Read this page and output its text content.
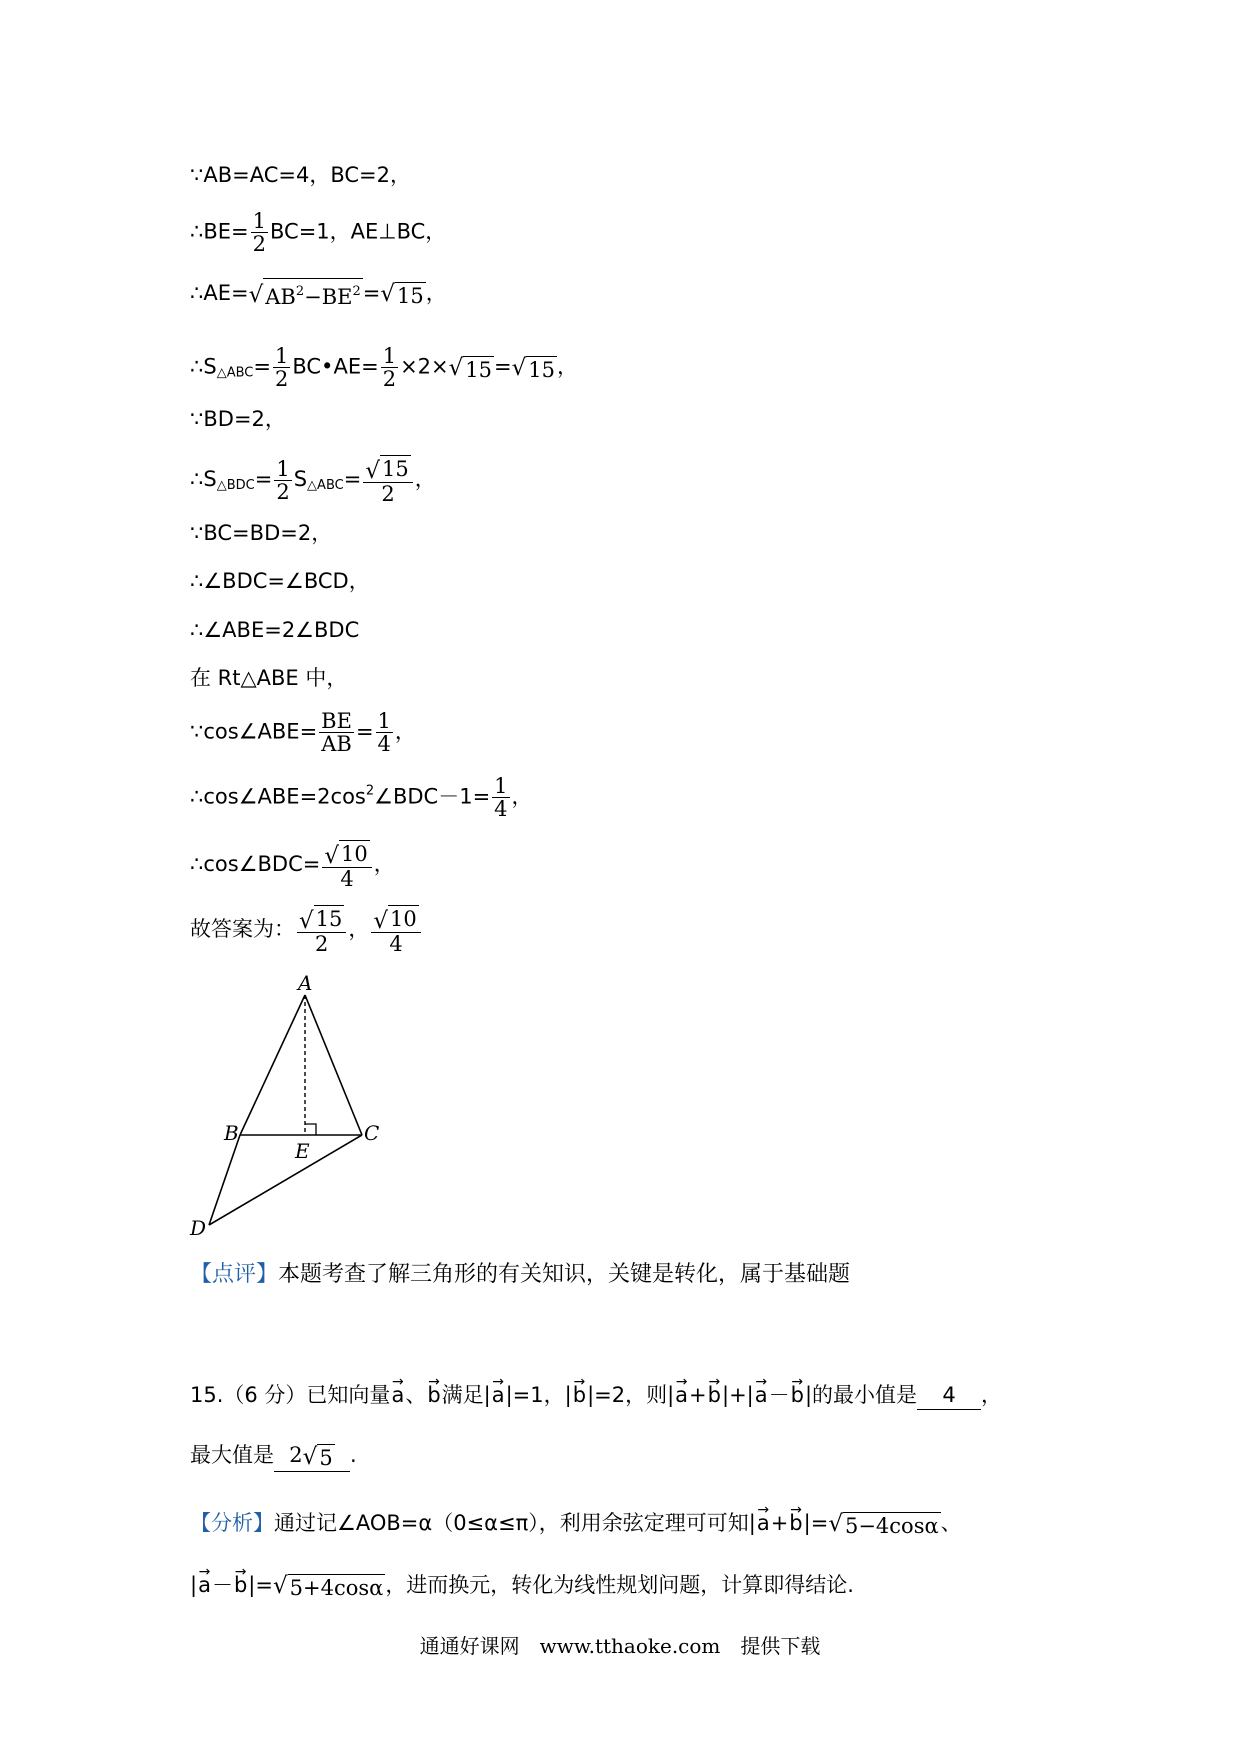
∵AB=AC=4，BC=2，
∴BE= $\frac{1}{2} BC=1$，AE⊥BC，
∴AE= √ $AB^2-BE^2$ = √ 15 ，
$\therefore S_{\triangle ABC}= \frac{1}{2}$ BC•AE= $\frac{1}{2} \times 2\times$ √ 15 = √ 15 ，
∵BD=2，
$\therefore S_{\triangle BDC}= \frac{1}{2} S_{\triangle ABC}= \frac{√ 15}{2}$ ，
∵BC=BD=2，
∴∠BDC=∠BCD，
∴∠ABE=2∠BDC
在 Rt△ABE 中，
∵cos∠ABE= $\frac{BE}{AB} = \frac{1}{4}$ ，
$\therefore\cos\angle ABE=2\cos^2\angle BDC-1= \frac{1}{4}$ ，
∴cos∠BDC= $\frac{√ 10}{4}$ ，
故答案为： $\frac{√ 15}{2}$ ， $\frac{√ 10}{4}$
A
B	C
E
D
【点评】本题考查了解三角形的有关知识，关键是转化，属于基础题
15.（6 分）已知向量→ a、→ b满足|→ a|=1，|→ b|=2，则|→ a+→ b|+|→ a－→ b|的最小值是 4 ，
最大值是 2 √ 5 .
【分析】通过记∠AOB=α（0≤α≤π），利用余弦定理可可知|→ a+→ b|= √ 5−4cosα 、
|→ a－→ b|= √ 5+4cosα ，进而换元，转化为线性规划问题，计算即得结论.
通通好课网　www.tthaoke.com　提供下载
